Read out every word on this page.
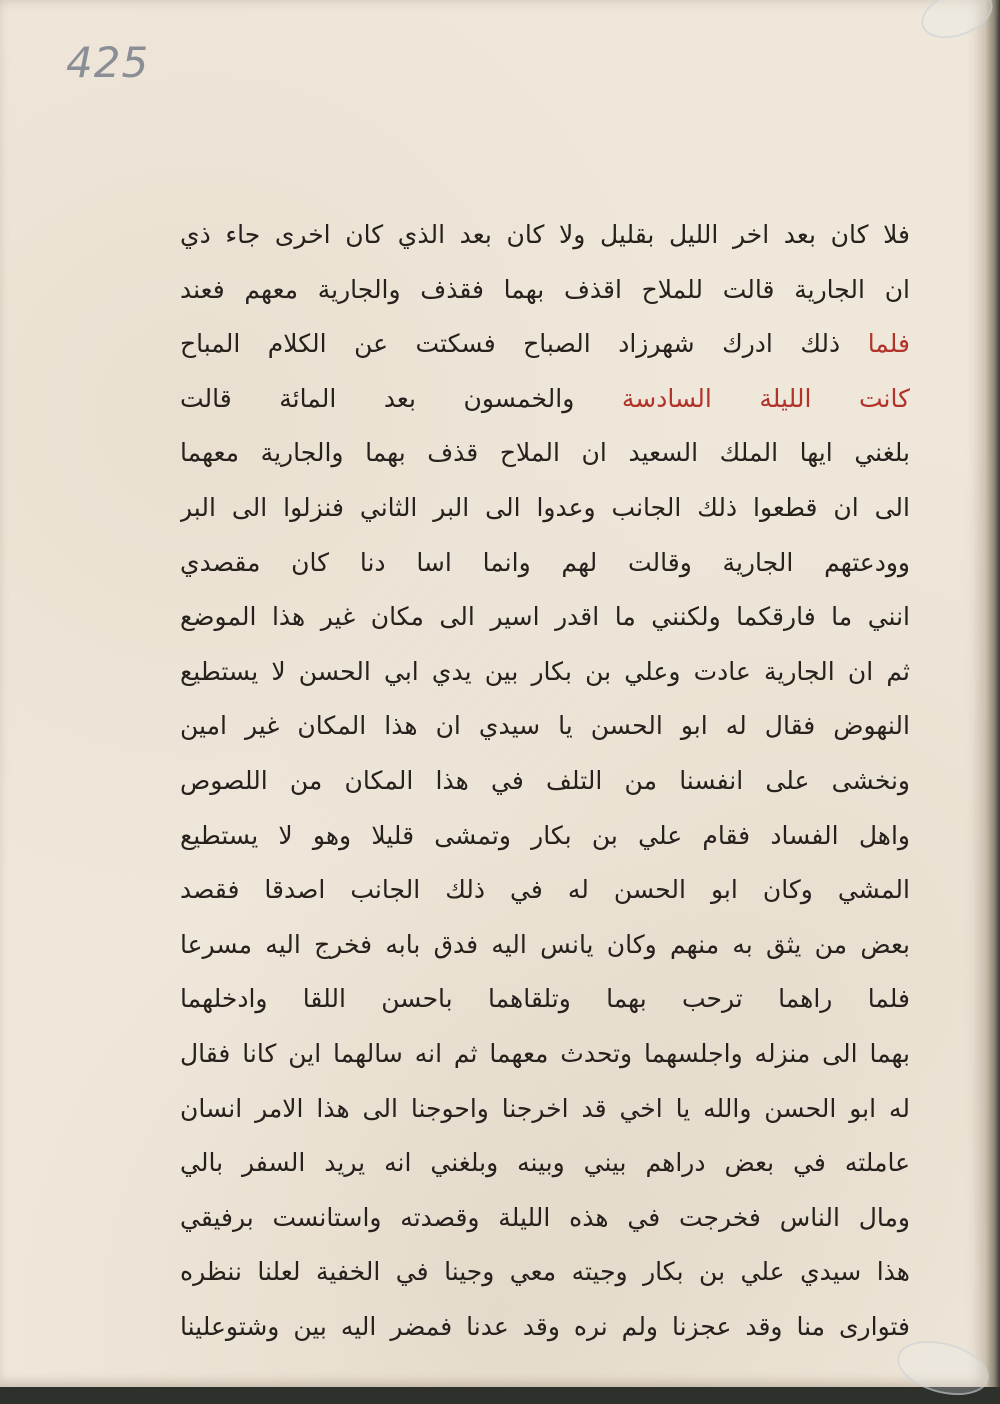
425
فلا كان بعد اخر الليل بقليل ولا كان بعد الذي كان اخرى جاء ذي
ان الجارية قالت للملاح اقذف بهما فقذف والجارية معهم فعند
فلما ذلك ادرك شهرزاد الصباح فسكتت عن الكلام المباح
كانت الليلة السادسة والخمسون بعد المائة قالت
بلغني ايها الملك السعيد ان الملاح قذف بهما والجارية معهما
الى ان قطعوا ذلك الجانب وعدوا الى البر الثاني فنزلوا الى البر
وودعتهم الجارية وقالت لهم وانما اسا دنا كان مقصدي
انني ما فارقكما ولكنني ما اقدر اسير الى مكان غير هذا الموضع
ثم ان الجارية عادت وعلي بن بكار بين يدي ابي الحسن لا يستطيع
النهوض فقال له ابو الحسن يا سيدي ان هذا المكان غير امين
ونخشى على انفسنا من التلف في هذا المكان من اللصوص
واهل الفساد فقام علي بن بكار وتمشى قليلا وهو لا يستطيع
المشي وكان ابو الحسن له في ذلك الجانب اصدقا فقصد
بعض من يثق به منهم وكان يانس اليه فدق بابه فخرج اليه مسرعا
فلما راهما ترحب بهما وتلقاهما باحسن اللقا وادخلهما
بهما الى منزله واجلسهما وتحدث معهما ثم انه سالهما اين كانا فقال
له ابو الحسن والله يا اخي قد اخرجنا واحوجنا الى هذا الامر انسان
عاملته في بعض دراهم بيني وبينه وبلغني انه يريد السفر بالي
ومال الناس فخرجت في هذه الليلة وقصدته واستانست برفيقي
هذا سيدي علي بن بكار وجيته معي وجينا في الخفية لعلنا ننظره
فتوارى منا وقد عجزنا ولم نره وقد عدنا فمضر اليه بين وشتوعلينا
